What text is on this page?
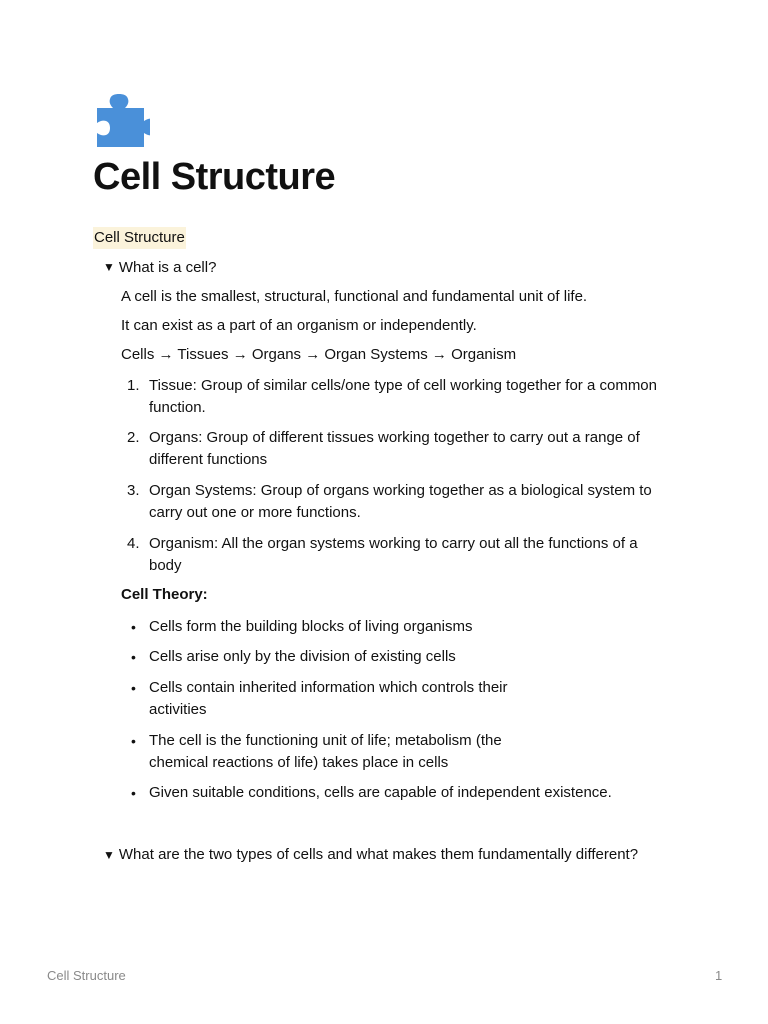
Cell Structure
Cell Structure
▼ What is a cell?
A cell is the smallest, structural, functional and fundamental unit of life.
It can exist as a part of an organism or independently.
Cells → Tissues → Organs → Organ Systems → Organism
1. Tissue: Group of similar cells/one type of cell working together for a common function.
2. Organs: Group of different tissues working together to carry out a range of different functions
3. Organ Systems: Group of organs working together as a biological system to carry out one or more functions.
4. Organism: All the organ systems working to carry out all the functions of a body
Cell Theory:
• Cells form the building blocks of living organisms
• Cells arise only by the division of existing cells
• Cells contain inherited information which controls their activities
• The cell is the functioning unit of life; metabolism (the chemical reactions of life) takes place in cells
• Given suitable conditions, cells are capable of independent existence.
▼ What are the two types of cells and what makes them fundamentally different?
Cell Structure	1
